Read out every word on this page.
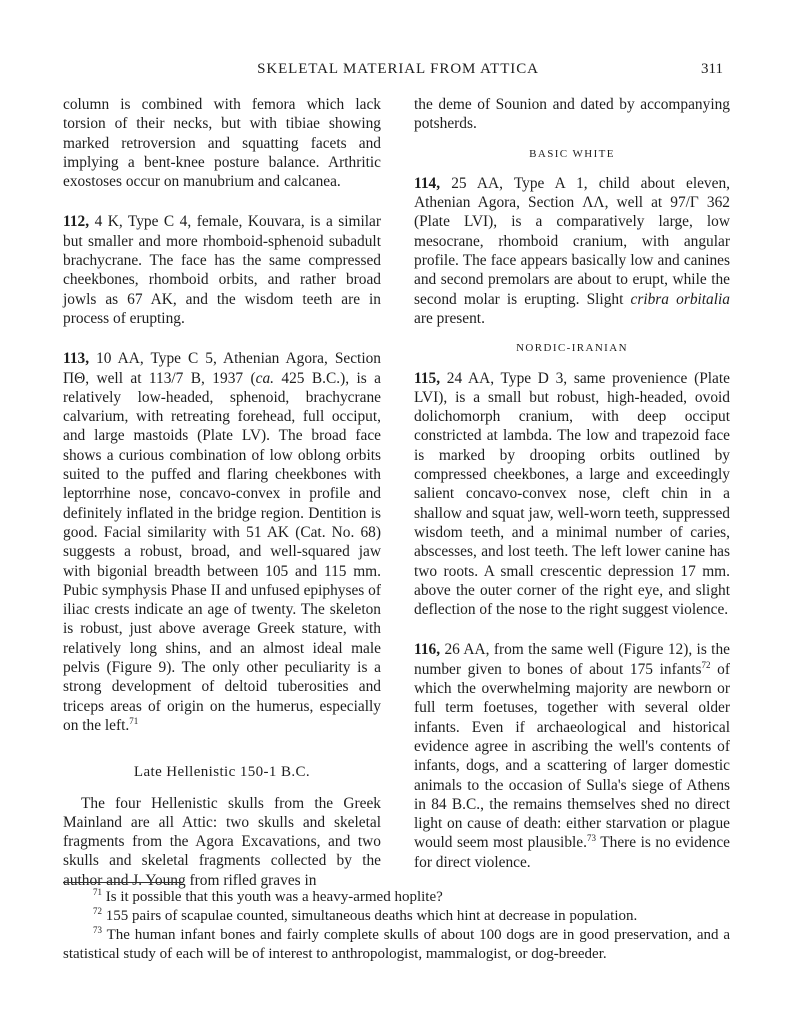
SKELETAL MATERIAL FROM ATTICA	311

column is combined with femora which lack torsion of their necks, but with tibiae showing marked retroversion and squatting facets and implying a bent-knee posture balance. Arthritic exostoses occur on manubrium and calcanea.

112, 4 K, Type C 4, female, Kouvara, is a similar but smaller and more rhomboid-sphenoid subadult brachycrane. The face has the same compressed cheekbones, rhomboid orbits, and rather broad jowls as 67 AK, and the wisdom teeth are in process of erupting.

113, 10 AA, Type C 5, Athenian Agora, Section ΠΘ, well at 113/7 B, 1937 (ca. 425 B.C.), is a relatively low-headed, sphenoid, brachycrane calvarium, with retreating forehead, full occiput, and large mastoids (Plate LV). The broad face shows a curious combination of low oblong orbits suited to the puffed and flaring cheekbones with leptorrhine nose, concavo-convex in profile and definitely inflated in the bridge region. Dentition is good. Facial similarity with 51 AK (Cat. No. 68) suggests a robust, broad, and well-squared jaw with bigonial breadth between 105 and 115 mm. Pubic symphysis Phase II and unfused epiphyses of iliac crests indicate an age of twenty. The skeleton is robust, just above average Greek stature, with relatively long shins, and an almost ideal male pelvis (Figure 9). The only other peculiarity is a strong development of deltoid tuberosities and triceps areas of origin on the humerus, especially on the left.$^{71}$

Late Hellenistic 150-1 B.C.

The four Hellenistic skulls from the Greek Mainland are all Attic: two skulls and skeletal fragments from the Agora Excavations, and two skulls and skeletal fragments collected by the author and J. Young from rifled graves in

the deme of Sounion and dated by accompanying potsherds.

BASIC WHITE

114, 25 AA, Type A 1, child about eleven, Athenian Agora, Section ΛΛ, well at 97/Γ 362 (Plate LVI), is a comparatively large, low mesocrane, rhomboid cranium, with angular profile. The face appears basically low and canines and second premolars are about to erupt, while the second molar is erupting. Slight cribra orbitalia are present.

NORDIC-IRANIAN

115, 24 AA, Type D 3, same provenience (Plate LVI), is a small but robust, high-headed, ovoid dolichomorph cranium, with deep occiput constricted at lambda. The low and trapezoid face is marked by drooping orbits outlined by compressed cheekbones, a large and exceedingly salient concavo-convex nose, cleft chin in a shallow and squat jaw, well-worn teeth, suppressed wisdom teeth, and a minimal number of caries, abscesses, and lost teeth. The left lower canine has two roots. A small crescentic depression 17 mm. above the outer corner of the right eye, and slight deflection of the nose to the right suggest violence.

116, 26 AA, from the same well (Figure 12), is the number given to bones of about 175 infants$^{72}$ of which the overwhelming majority are newborn or full term foetuses, together with several older infants. Even if archaeological and historical evidence agree in ascribing the well's contents of infants, dogs, and a scattering of larger domestic animals to the occasion of Sulla's siege of Athens in 84 B.C., the remains themselves shed no direct light on cause of death: either starvation or plague would seem most plausible.$^{73}$ There is no evidence for direct violence.

$^{71}$ Is it possible that this youth was a heavy-armed hoplite?

$^{72}$ 155 pairs of scapulae counted, simultaneous deaths which hint at decrease in population.

$^{73}$ The human infant bones and fairly complete skulls of about 100 dogs are in good preservation, and a statistical study of each will be of interest to anthropologist, mammalogist, or dog-breeder.
